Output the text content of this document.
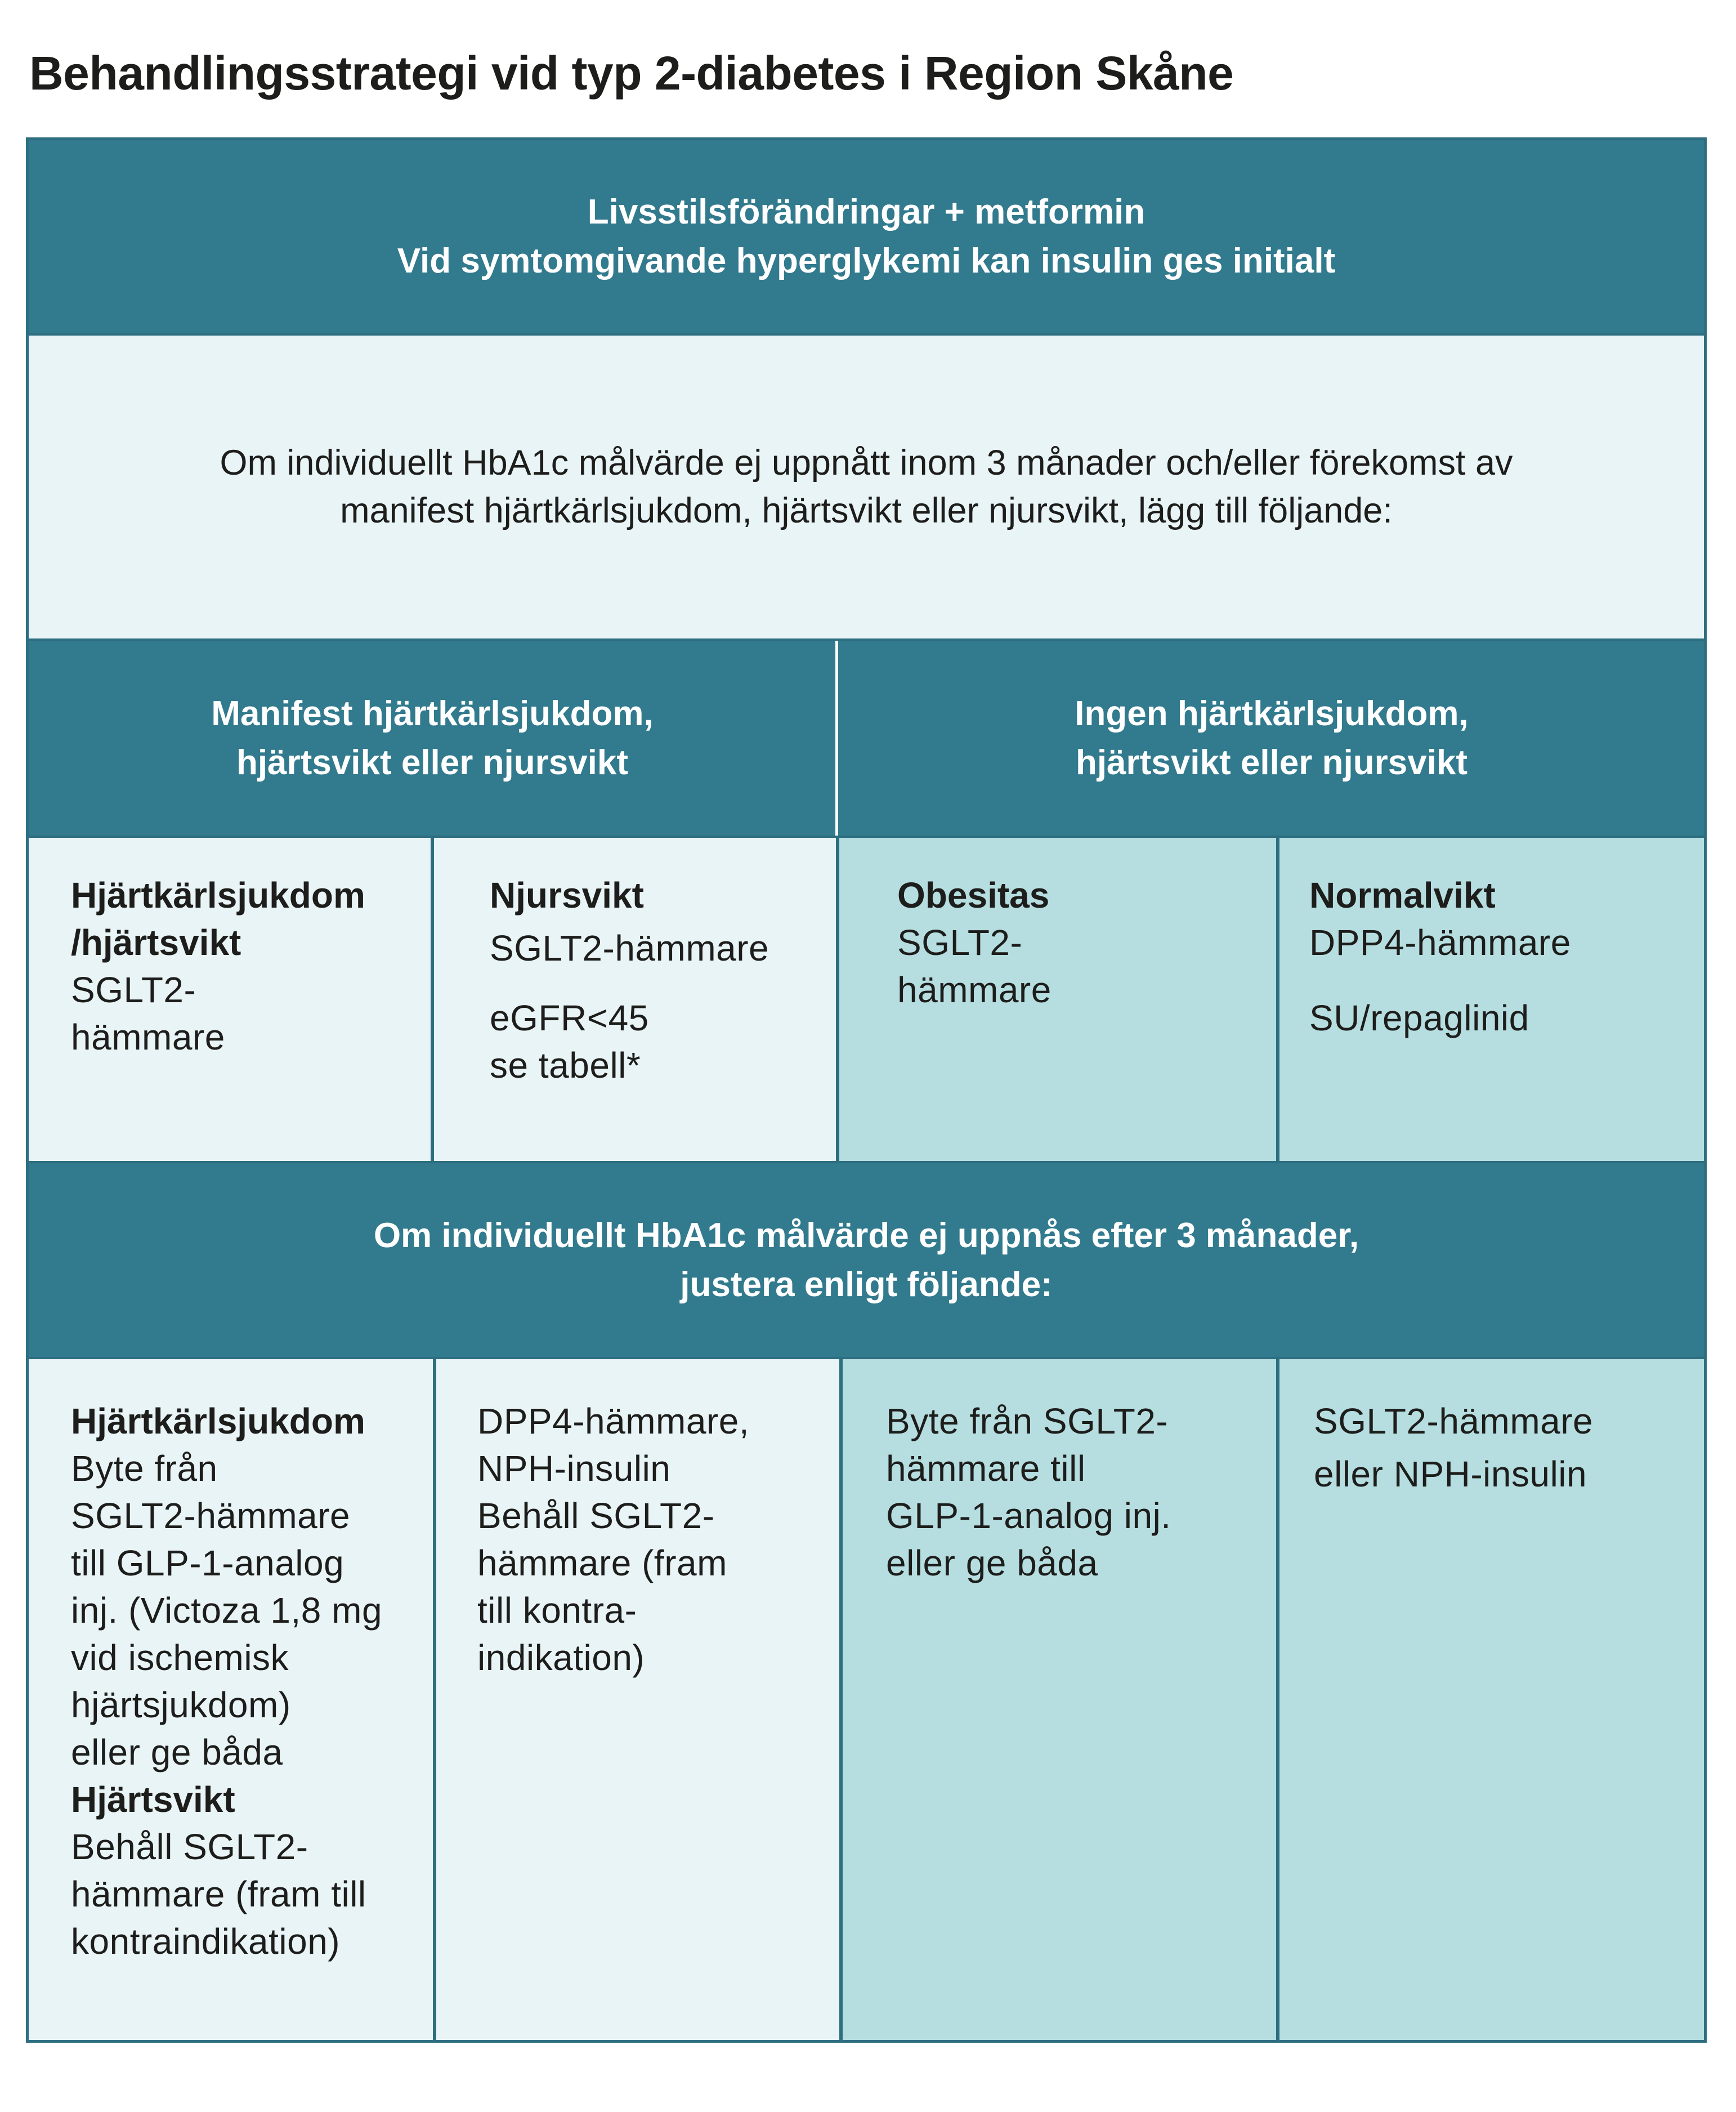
Behandlingsstrategi vid typ 2-diabetes i Region Skåne
Livsstilsförändringar + metformin
Vid symtomgivande hyperglykemi kan insulin ges initialt
Om individuellt HbA1c målvärde ej uppnått inom 3 månader och/eller förekomst av
manifest hjärtkärlsjukdom, hjärtsvikt eller njursvikt, lägg till följande:
Manifest hjärtkärlsjukdom,
hjärtsvikt eller njursvikt
Ingen hjärtkärlsjukdom,
hjärtsvikt eller njursvikt
Hjärtkärlsjukdom
/hjärtsvikt
SGLT2-
hämmare
Njursvikt
SGLT2-hämmare
eGFR<45
se tabell*
Obesitas
SGLT2-
hämmare
Normalvikt
DPP4-hämmare
SU/repaglinid
Om individuellt HbA1c målvärde ej uppnås efter 3 månader,
justera enligt följande:
Hjärtkärlsjukdom
Byte från
SGLT2-hämmare
till GLP-1-analog
inj. (Victoza 1,8 mg
vid ischemisk
hjärtsjukdom)
eller ge båda
Hjärtsvikt
Behåll SGLT2-
hämmare (fram till
kontraindikation)
DPP4-hämmare,
NPH-insulin
Behåll SGLT2-
hämmare (fram
till kontra-
indikation)
Byte från SGLT2-
hämmare till
GLP-1-analog inj.
eller ge båda
SGLT2-hämmare
eller NPH-insulin
